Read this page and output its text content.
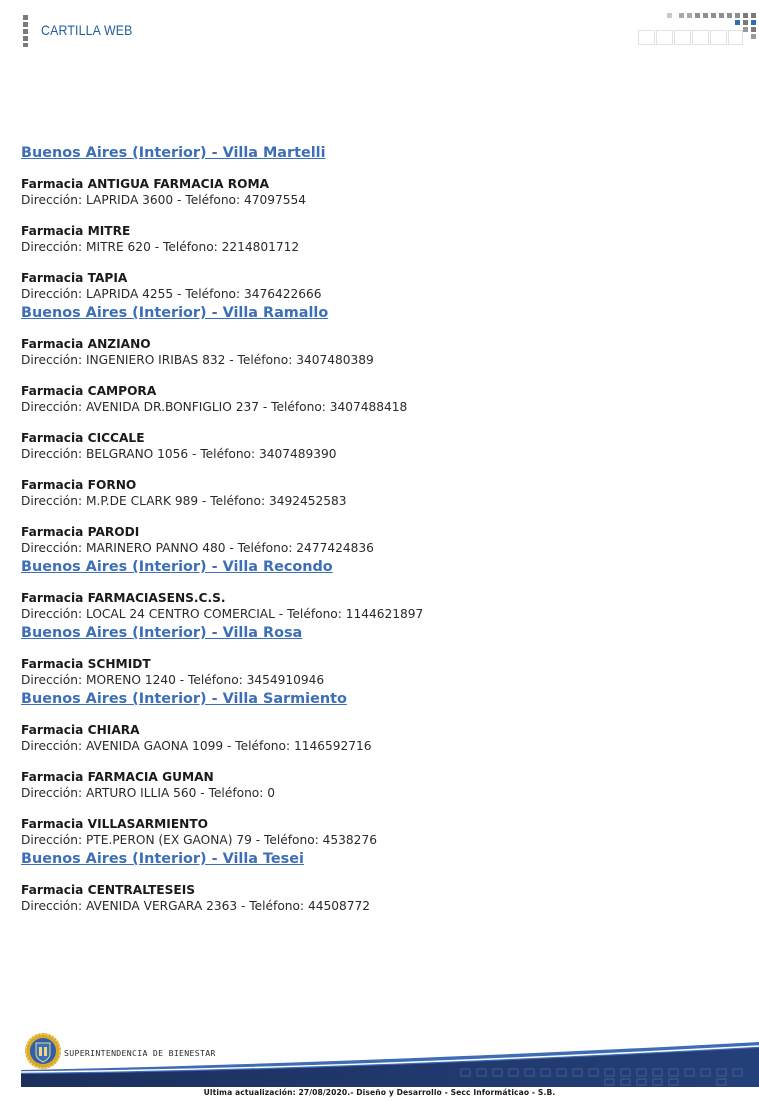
CARTILLA WEB
Buenos Aires (Interior) - Villa Martelli
Farmacia ANTIGUA FARMACIA ROMA
Dirección: LAPRIDA 3600 - Teléfono: 47097554
Farmacia MITRE
Dirección: MITRE 620 - Teléfono: 2214801712
Farmacia TAPIA
Dirección: LAPRIDA 4255 - Teléfono: 3476422666
Buenos Aires (Interior) - Villa Ramallo
Farmacia ANZIANO
Dirección: INGENIERO IRIBAS 832 - Teléfono: 3407480389
Farmacia CAMPORA
Dirección: AVENIDA DR.BONFIGLIO 237 - Teléfono: 3407488418
Farmacia CICCALE
Dirección: BELGRANO 1056 - Teléfono: 3407489390
Farmacia FORNO
Dirección: M.P.DE CLARK 989 - Teléfono: 3492452583
Farmacia PARODI
Dirección: MARINERO PANNO 480 - Teléfono: 2477424836
Buenos Aires (Interior) - Villa Recondo
Farmacia FARMACIASENS.C.S.
Dirección: LOCAL 24 CENTRO COMERCIAL - Teléfono: 1144621897
Buenos Aires (Interior) - Villa Rosa
Farmacia SCHMIDT
Dirección: MORENO 1240 - Teléfono: 3454910946
Buenos Aires (Interior) - Villa Sarmiento
Farmacia CHIARA
Dirección: AVENIDA GAONA 1099 - Teléfono: 1146592716
Farmacia FARMACIA GUMAN
Dirección: ARTURO ILLIA 560 - Teléfono: 0
Farmacia VILLASARMIENTO
Dirección: PTE.PERON (EX GAONA) 79 - Teléfono: 4538276
Buenos Aires (Interior) - Villa Tesei
Farmacia CENTRALTESEIS
Dirección: AVENIDA VERGARA 2363 - Teléfono: 44508772
SUPERINTENDENCIA DE BIENESTAR
Ultima actualización: 27/08/2020.- Diseño y Desarrollo - Secc Informáticao - S.B.
